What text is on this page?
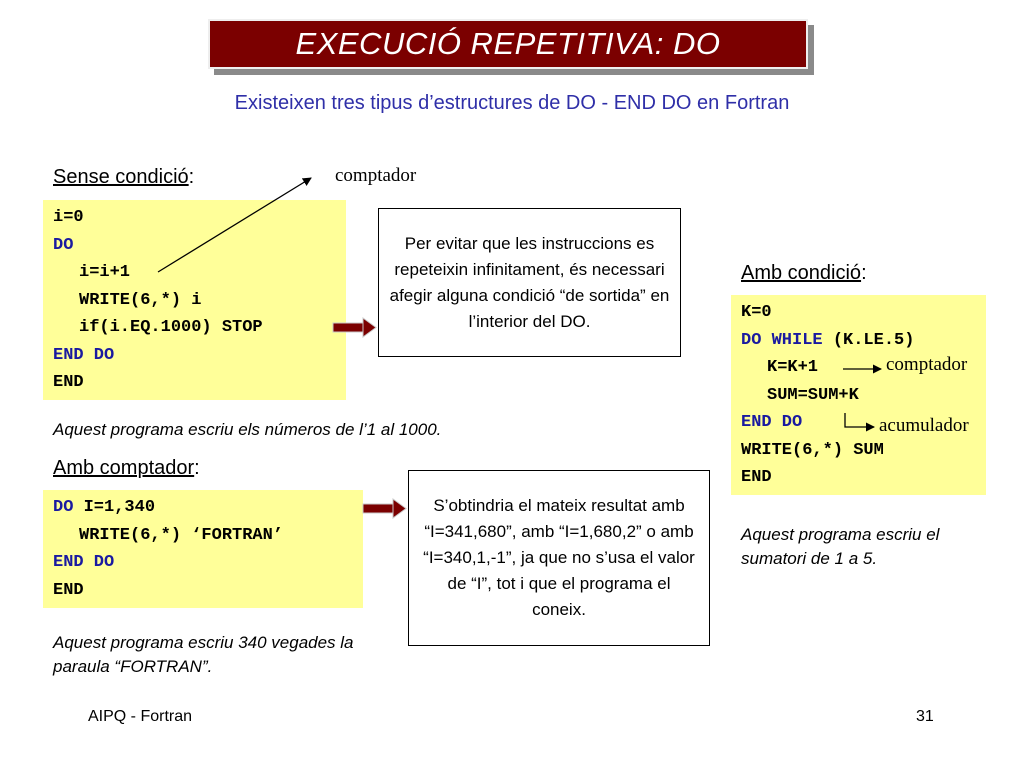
EXECUCIÓ REPETITIVA: DO
Existeixen tres tipus d’estructures de DO - END DO en Fortran
Sense condició:	comptador
i=0
DO
i=i+1
WRITE(6,*) i
if(i.EQ.1000) STOP
END DO
END
Per evitar que les instruccions es repeteixin infinitament, és necessari afegir alguna condició “de sortida” en l’interior del DO.
Aquest programa escriu els números de l’1 al 1000.
Amb comptador:
DO I=1,340
WRITE(6,*) ‘FORTRAN’
END DO
END
S’obtindria el mateix resultat amb “I=341,680”, amb “I=1,680,2” o amb “I=340,1,-1”, ja que no s’usa el valor de “I”, tot i que el programa el coneix.
Aquest programa escriu 340 vegades la paraula “FORTRAN”.
Amb condició:
K=0
DO WHILE (K.LE.5)
K=K+1
SUM=SUM+K
END DO
WRITE(6,*) SUM
END
comptador
acumulador
Aquest programa escriu el sumatori de 1 a 5.
AIPQ - Fortran	31
